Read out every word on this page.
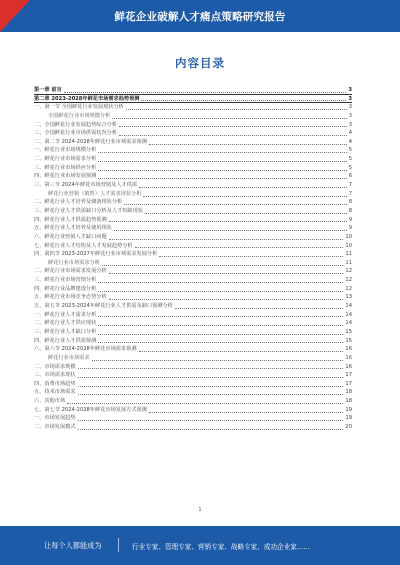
鲜花企业破解人才痛点策略研究报告
内容目录
第一章 前言	3
第二章 2023-2028年鲜花市场需求趋势预测	3
一、第一节 全国鲜花行业发展现状分析	3
全国鲜花行业市场规模分析	3
二、全国鲜花行业发展趋势综合分析	3
三、全国鲜花行业市场供需状况分析	4
二、第二节 2024-2028年鲜花行业市场需求预测	4
一、鲜花行业市场规模分析	5
二、鲜花行业市场需求分析	5
三、鲜花行业市场供应分析	5
四、鲜花行业市场发展预测	6
三、第三节 2024年鲜花市场营销及人才供需	7
鲜花行业营销（销售）人才需求现状分析	7
二、鲜花行业人才培养及储备现状分析	8
三、鲜花行业人才供需缺口分析及人才短缺现状	8
四、鲜花行业人才供需趋势预测	9
五、鲜花行业人才培养及使用现状	9
六、鲜花行业营销人才缺口问题	10
七、鲜花行业人才结构及人才发展趋势分析	10
四、第四节 2023-2027年鲜花行业市场需求发展分析	11
鲜花行业市场需求分析	11
二、鲜花行业市场需求发展分析	12
三、鲜花行业市场营销分析	12
四、鲜花行业品牌建设分析	12
五、鲜花行业市场竞争态势分析	13
五、第五节 2023-2024年鲜花行业人才供需及缺口预测分析	14
一、鲜花行业人才需求分析	14
二、鲜花行业人才供应现状	14
三、鲜花行业人才缺口分析	15
四、鲜花行业人才供需预测	15
六、第六节 2024-2028年鲜花市场需求预测	16
鲜花行业市场需求	16
二、市场需求规模	16
三、市场需求现状	17
四、消费市场趋势	17
五、技术市场需求	18
六、其他市场	18
七、第七节 2024-2028年鲜花市场发展方式预测	19
一、市场发展趋势	19
二、市场发展模式	20
1
让每个人都能成为	行业专家、管理专家、营销专家、战略专家、成功企业家……
